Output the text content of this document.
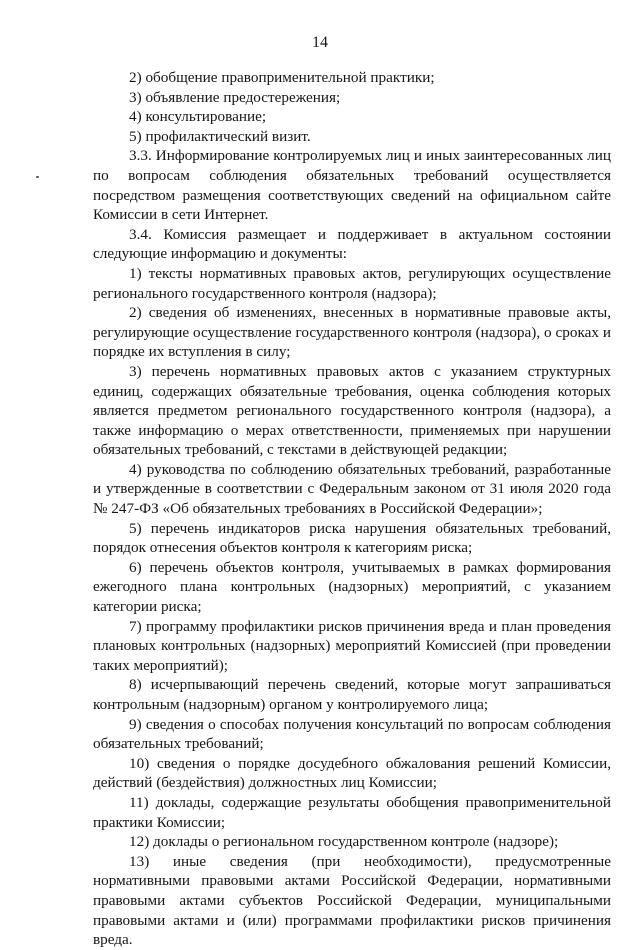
14

2) обобщение правоприменительной практики;

3) объявление предостережения;

4) консультирование;

5) профилактический визит.

3.3. Информирование контролируемых лиц и иных заинтересованных лиц по вопросам соблюдения обязательных требований осуществляется посредством размещения соответствующих сведений на официальном сайте Комиссии в сети Интернет.

3.4. Комиссия размещает и поддерживает в актуальном состоянии следующие информацию и документы:

1) тексты нормативных правовых актов, регулирующих осуществление регионального государственного контроля (надзора);

2) сведения об изменениях, внесенных в нормативные правовые акты, регулирующие осуществление государственного контроля (надзора), о сроках и порядке их вступления в силу;

3) перечень нормативных правовых актов с указанием структурных единиц, содержащих обязательные требования, оценка соблюдения которых является предметом регионального государственного контроля (надзора), а также информацию о мерах ответственности, применяемых при нарушении обязательных требований, с текстами в действующей редакции;

4) руководства по соблюдению обязательных требований, разработанные и утвержденные в соответствии с Федеральным законом от 31 июля 2020 года № 247-ФЗ «Об обязательных требованиях в Российской Федерации»;

5) перечень индикаторов риска нарушения обязательных требований, порядок отнесения объектов контроля к категориям риска;

6) перечень объектов контроля, учитываемых в рамках формирования ежегодного плана контрольных (надзорных) мероприятий, с указанием категории риска;

7) программу профилактики рисков причинения вреда и план проведения плановых контрольных (надзорных) мероприятий Комиссией (при проведении таких мероприятий);

8) исчерпывающий перечень сведений, которые могут запрашиваться контрольным (надзорным) органом у контролируемого лица;

9) сведения о способах получения консультаций по вопросам соблюдения обязательных требований;

10) сведения о порядке досудебного обжалования решений Комиссии, действий (бездействия) должностных лиц Комиссии;

11) доклады, содержащие результаты обобщения правоприменительной практики Комиссии;

12) доклады о региональном государственном контроле (надзоре);

13) иные сведения (при необходимости), предусмотренные нормативными правовыми актами Российской Федерации, нормативными правовыми актами субъектов Российской Федерации, муниципальными правовыми актами и (или) программами профилактики рисков причинения вреда.
